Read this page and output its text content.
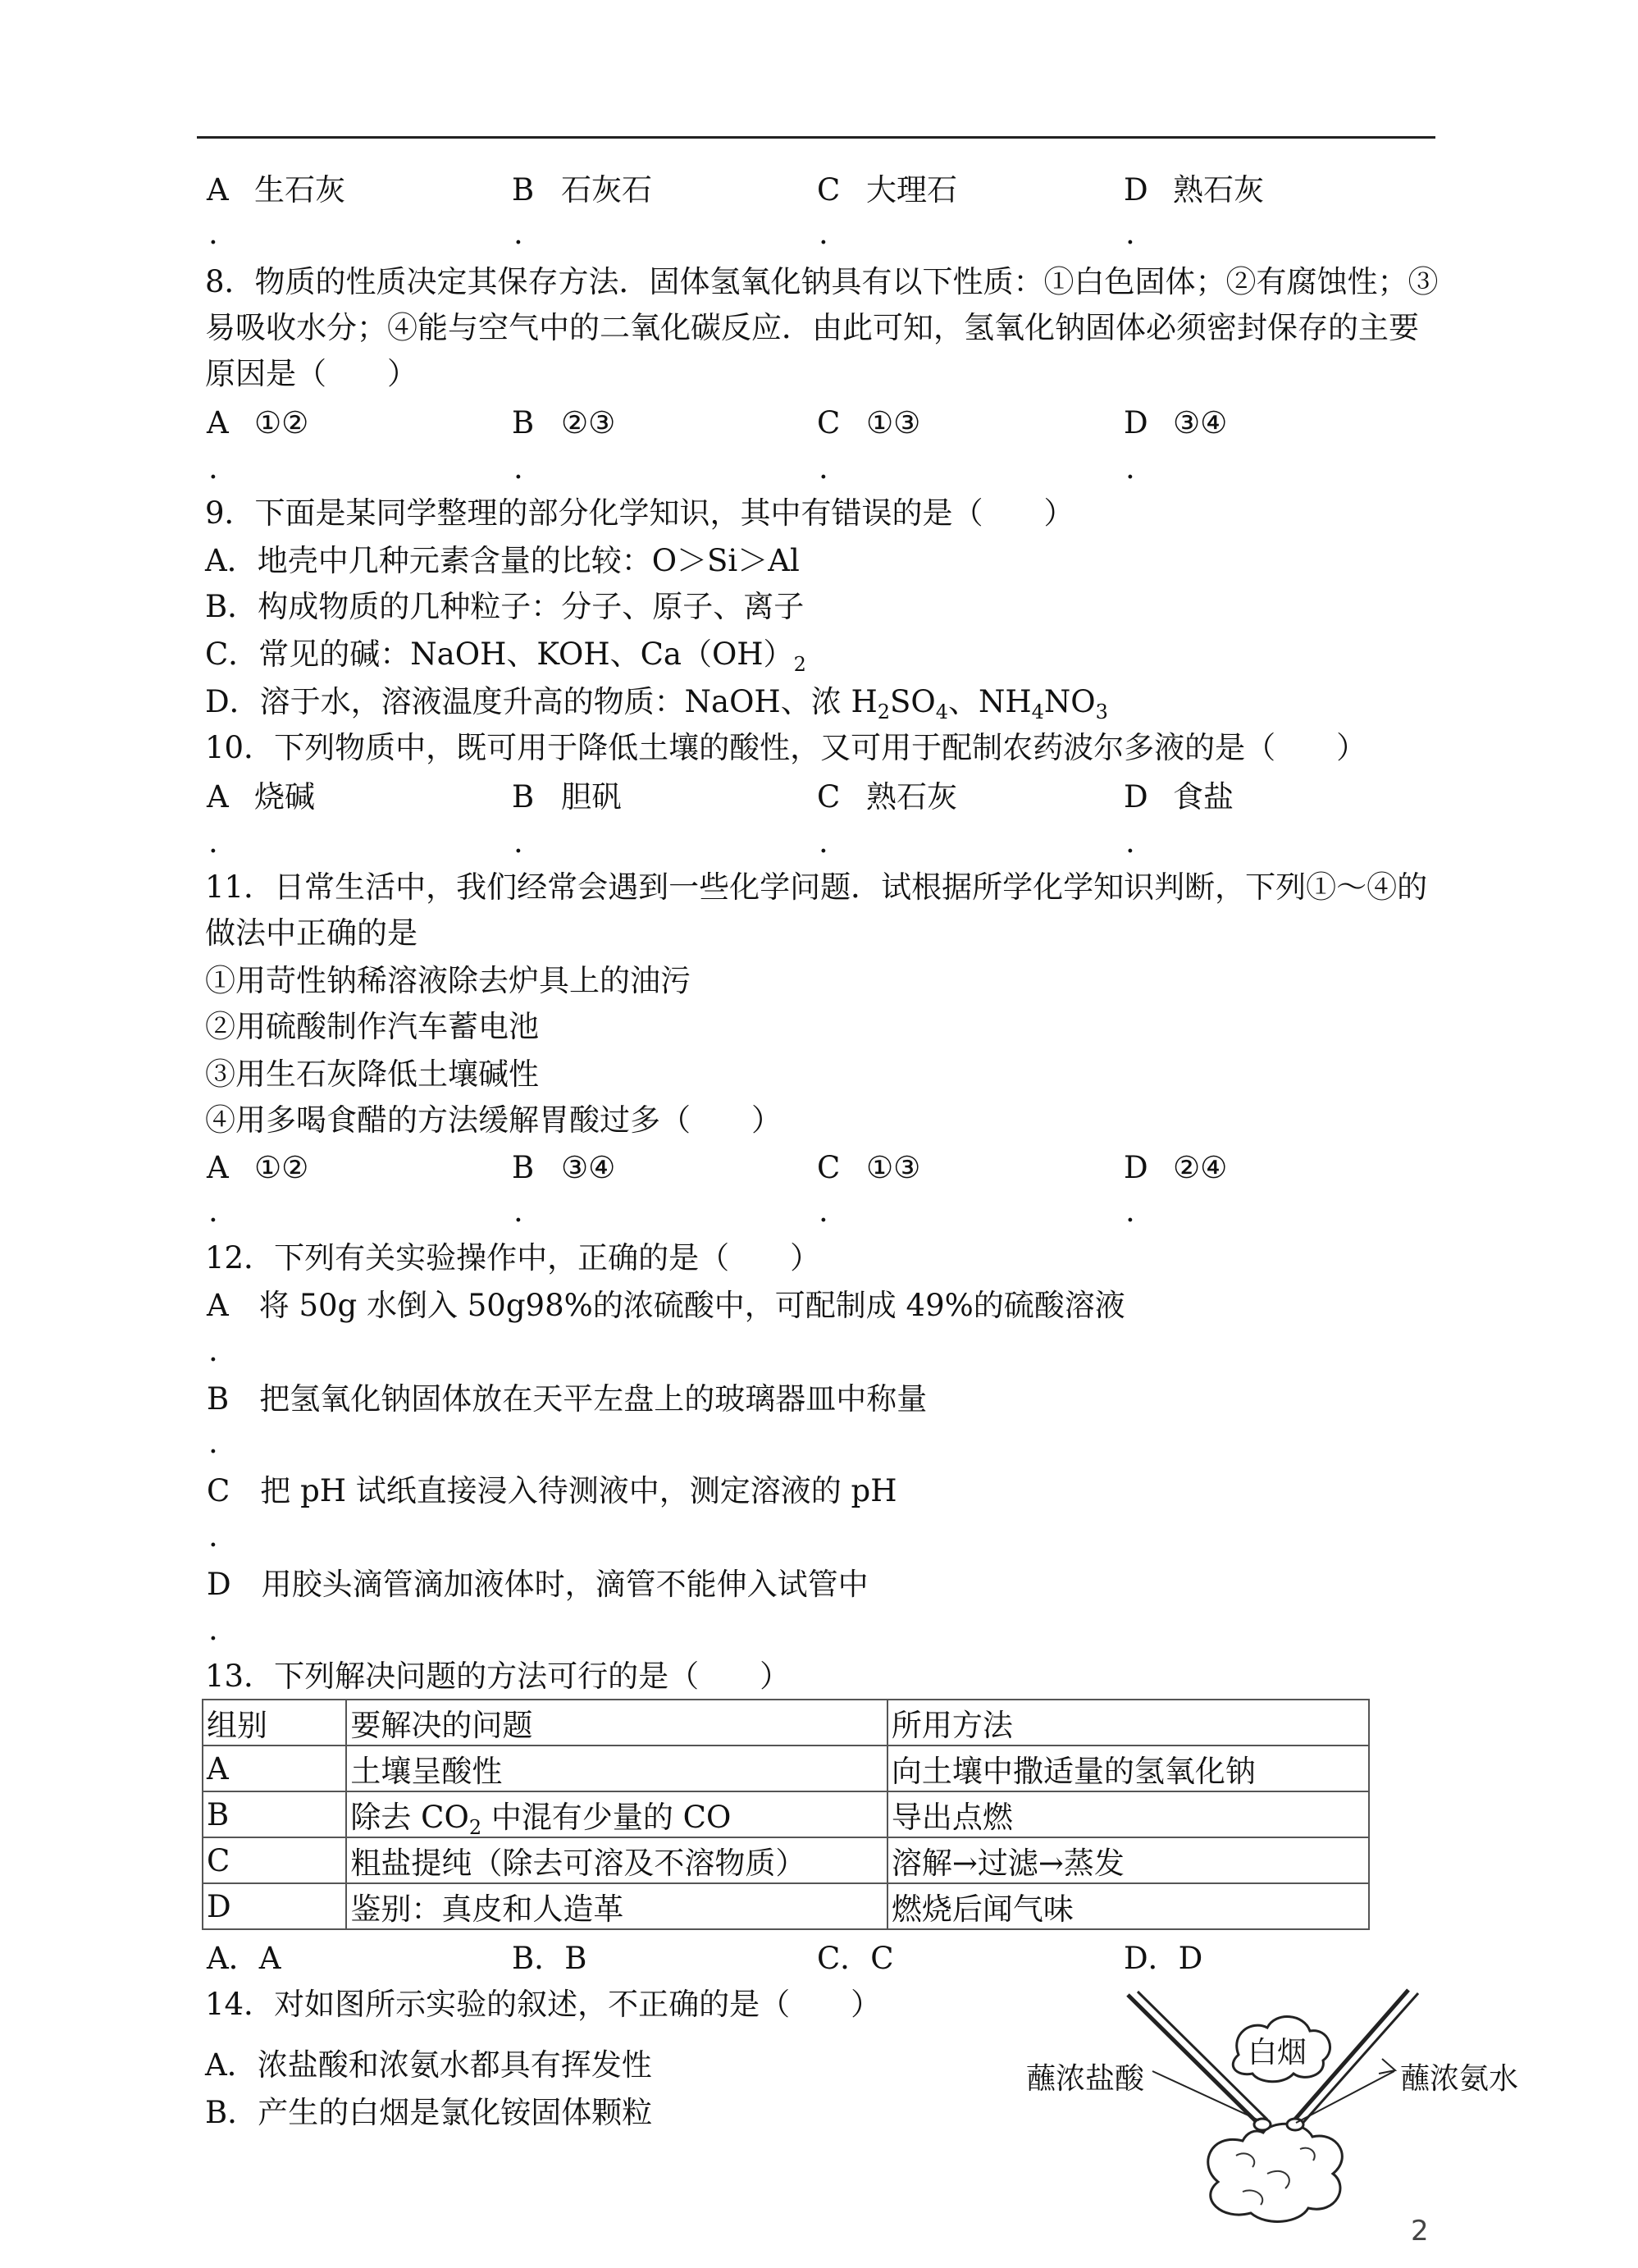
A 生石灰	B 石灰石	C 大理石	D 熟石灰
.	.	.	.
8．物质的性质决定其保存方法．固体氢氧化钠具有以下性质：①白色固体；②有腐蚀性；③
易吸收水分；④能与空气中的二氧化碳反应．由此可知，氢氧化钠固体必须密封保存的主要
原因是（　　）
A ①②	B ②③	C ①③	D ③④
.	.	.	.
9．下面是某同学整理的部分化学知识，其中有错误的是（　　）
A．地壳中几种元素含量的比较：O＞Si＞Al
B．构成物质的几种粒子：分子、原子、离子
C．常见的碱：NaOH、KOH、$Ca(OH)_2$
D．溶于水，溶液温度升高的物质：NaOH、浓 $H_2SO_4$、$NH_4NO_3$
10．下列物质中，既可用于降低土壤的酸性，又可用于配制农药波尔多液的是（　　）
A 烧碱	B 胆矾	C 熟石灰	D 食盐
.	.	.	.
11．日常生活中，我们经常会遇到一些化学问题．试根据所学化学知识判断，下列①～④的
做法中正确的是
①用苛性钠稀溶液除去炉具上的油污
②用硫酸制作汽车蓄电池
③用生石灰降低土壤碱性
④用多喝食醋的方法缓解胃酸过多（　　）
A ①②	B ③④	C ①③	D ②④
.	.	.	.
12．下列有关实验操作中，正确的是（　　）
A　将 50g 水倒入 50g98%的浓硫酸中，可配制成 49%的硫酸溶液
.
B　把氢氧化钠固体放在天平左盘上的玻璃器皿中称量
.
C　把 pH 试纸直接浸入待测液中，测定溶液的 pH
.
D　用胶头滴管滴加液体时，滴管不能伸入试管中
.
13．下列解决问题的方法可行的是（　　）
组别	要解决的问题	所用方法
A	土壤呈酸性	向土壤中撒适量的氢氧化钠
B	除去 $CO_2$ 中混有少量的 CO	导出点燃
C	粗盐提纯（除去可溶及不溶物质）	溶解→过滤→蒸发
D	鉴别：真皮和人造革	燃烧后闻气味
A．A	B．B	C．C	D．D
14．对如图所示实验的叙述，不正确的是（　　）
A．浓盐酸和浓氨水都具有挥发性
B．产生的白烟是氯化铵固体颗粒
蘸浓盐酸
白烟
蘸浓氨水
2
